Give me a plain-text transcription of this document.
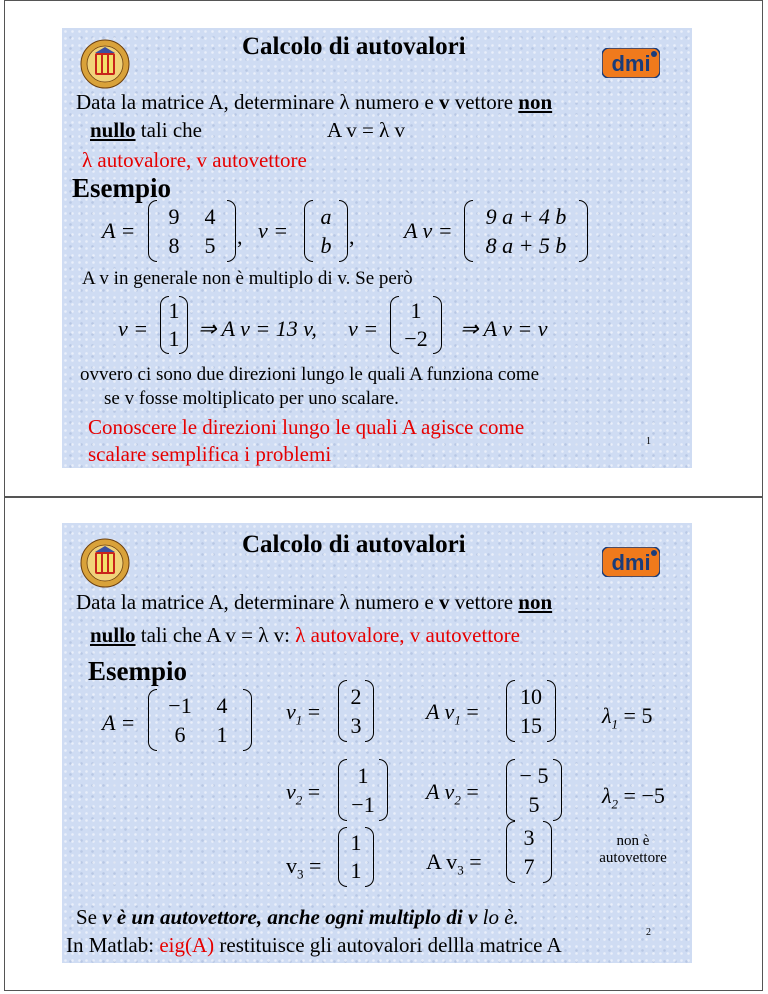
dmi
Calcolo di autovalori
Data la matrice A, determinare λ numero e v vettore non
nullo tali che	A v = λ v
λ autovalore, v autovettore
Esempio
A =
9 4
8 5 , v =
a
b , A v =
9 a + 4 b
8 a + 5 b
A v in generale non è multiplo di v. Se però
v =
1
1 ⇒ A v = 13 v, v =
1
−2 ⇒ A v = v
ovvero ci sono due direzioni lungo le quali A funziona come
se v fosse moltiplicato per uno scalare.
Conoscere le direzioni lungo le quali A agisce come
scalare semplifica i problemi
1
dmi
Calcolo di autovalori
Data la matrice A, determinare λ numero e v vettore non
nullo tali che A v = λ v: λ autovalore, v autovettore
Esempio
A =
−1	4
6	1
$v_1$ =
2
3
A $v_1$ =
10
15	$\lambda_1 = 5$
$v_2$ =
1
−1
A $v_2$ =
− 5
5	$\lambda_2 = -5$
$v_3$ =
1
1	A $v_3$ =
3
7
non è
autovettore
Se v è un autovettore, anche ogni multiplo di v lo è.
In Matlab: eig(A) restituisce gli autovalori dellla matrice A
2
